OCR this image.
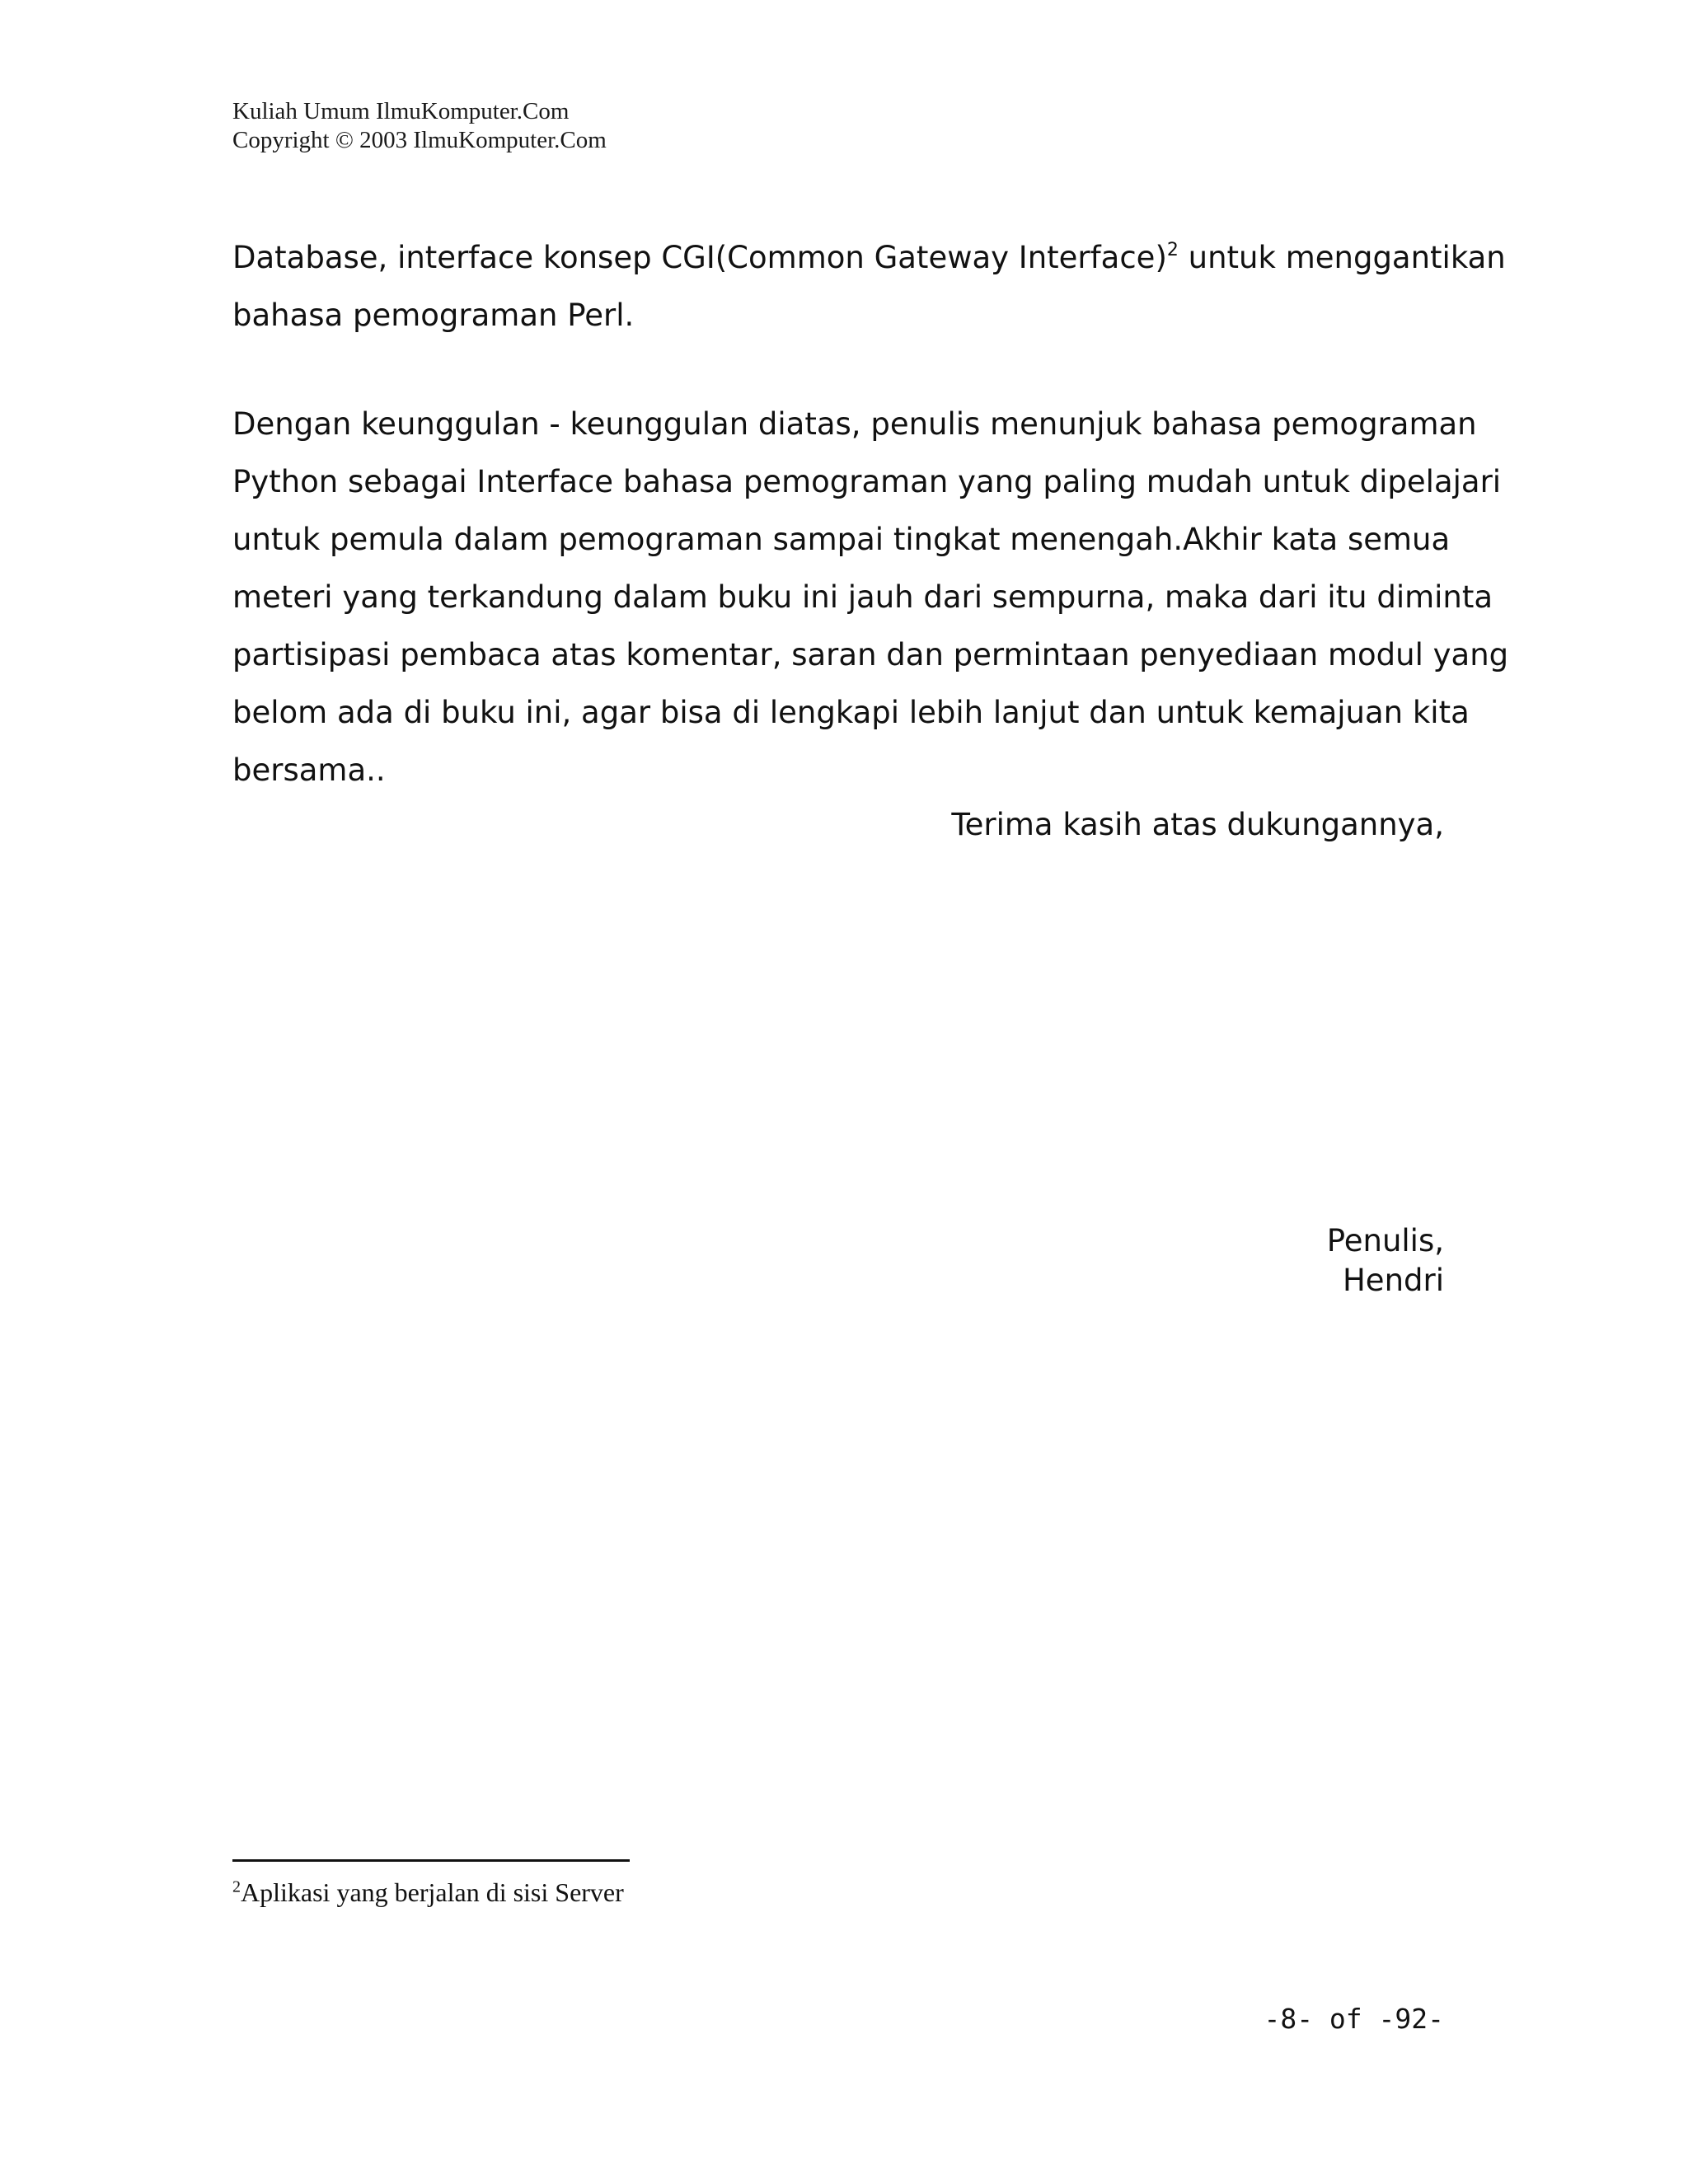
Kuliah Umum IlmuKomputer.Com
Copyright © 2003 IlmuKomputer.Com
Database, interface konsep CGI(Common Gateway Interface)$^2$ untuk menggantikan
bahasa pemograman Perl.
Dengan keunggulan - keunggulan diatas, penulis menunjuk bahasa pemograman
Python sebagai Interface bahasa pemograman yang paling mudah untuk dipelajari
untuk pemula dalam pemograman sampai tingkat menengah.Akhir kata semua
meteri yang terkandung dalam buku ini jauh dari sempurna, maka dari itu diminta
partisipasi pembaca atas komentar, saran dan permintaan penyediaan modul yang
belom ada di buku ini, agar bisa di lengkapi lebih lanjut dan untuk kemajuan kita
bersama..
Terima kasih atas dukungannya,
Penulis,
Hendri
$^2$Aplikasi yang berjalan di sisi Server
-8- of -92-
